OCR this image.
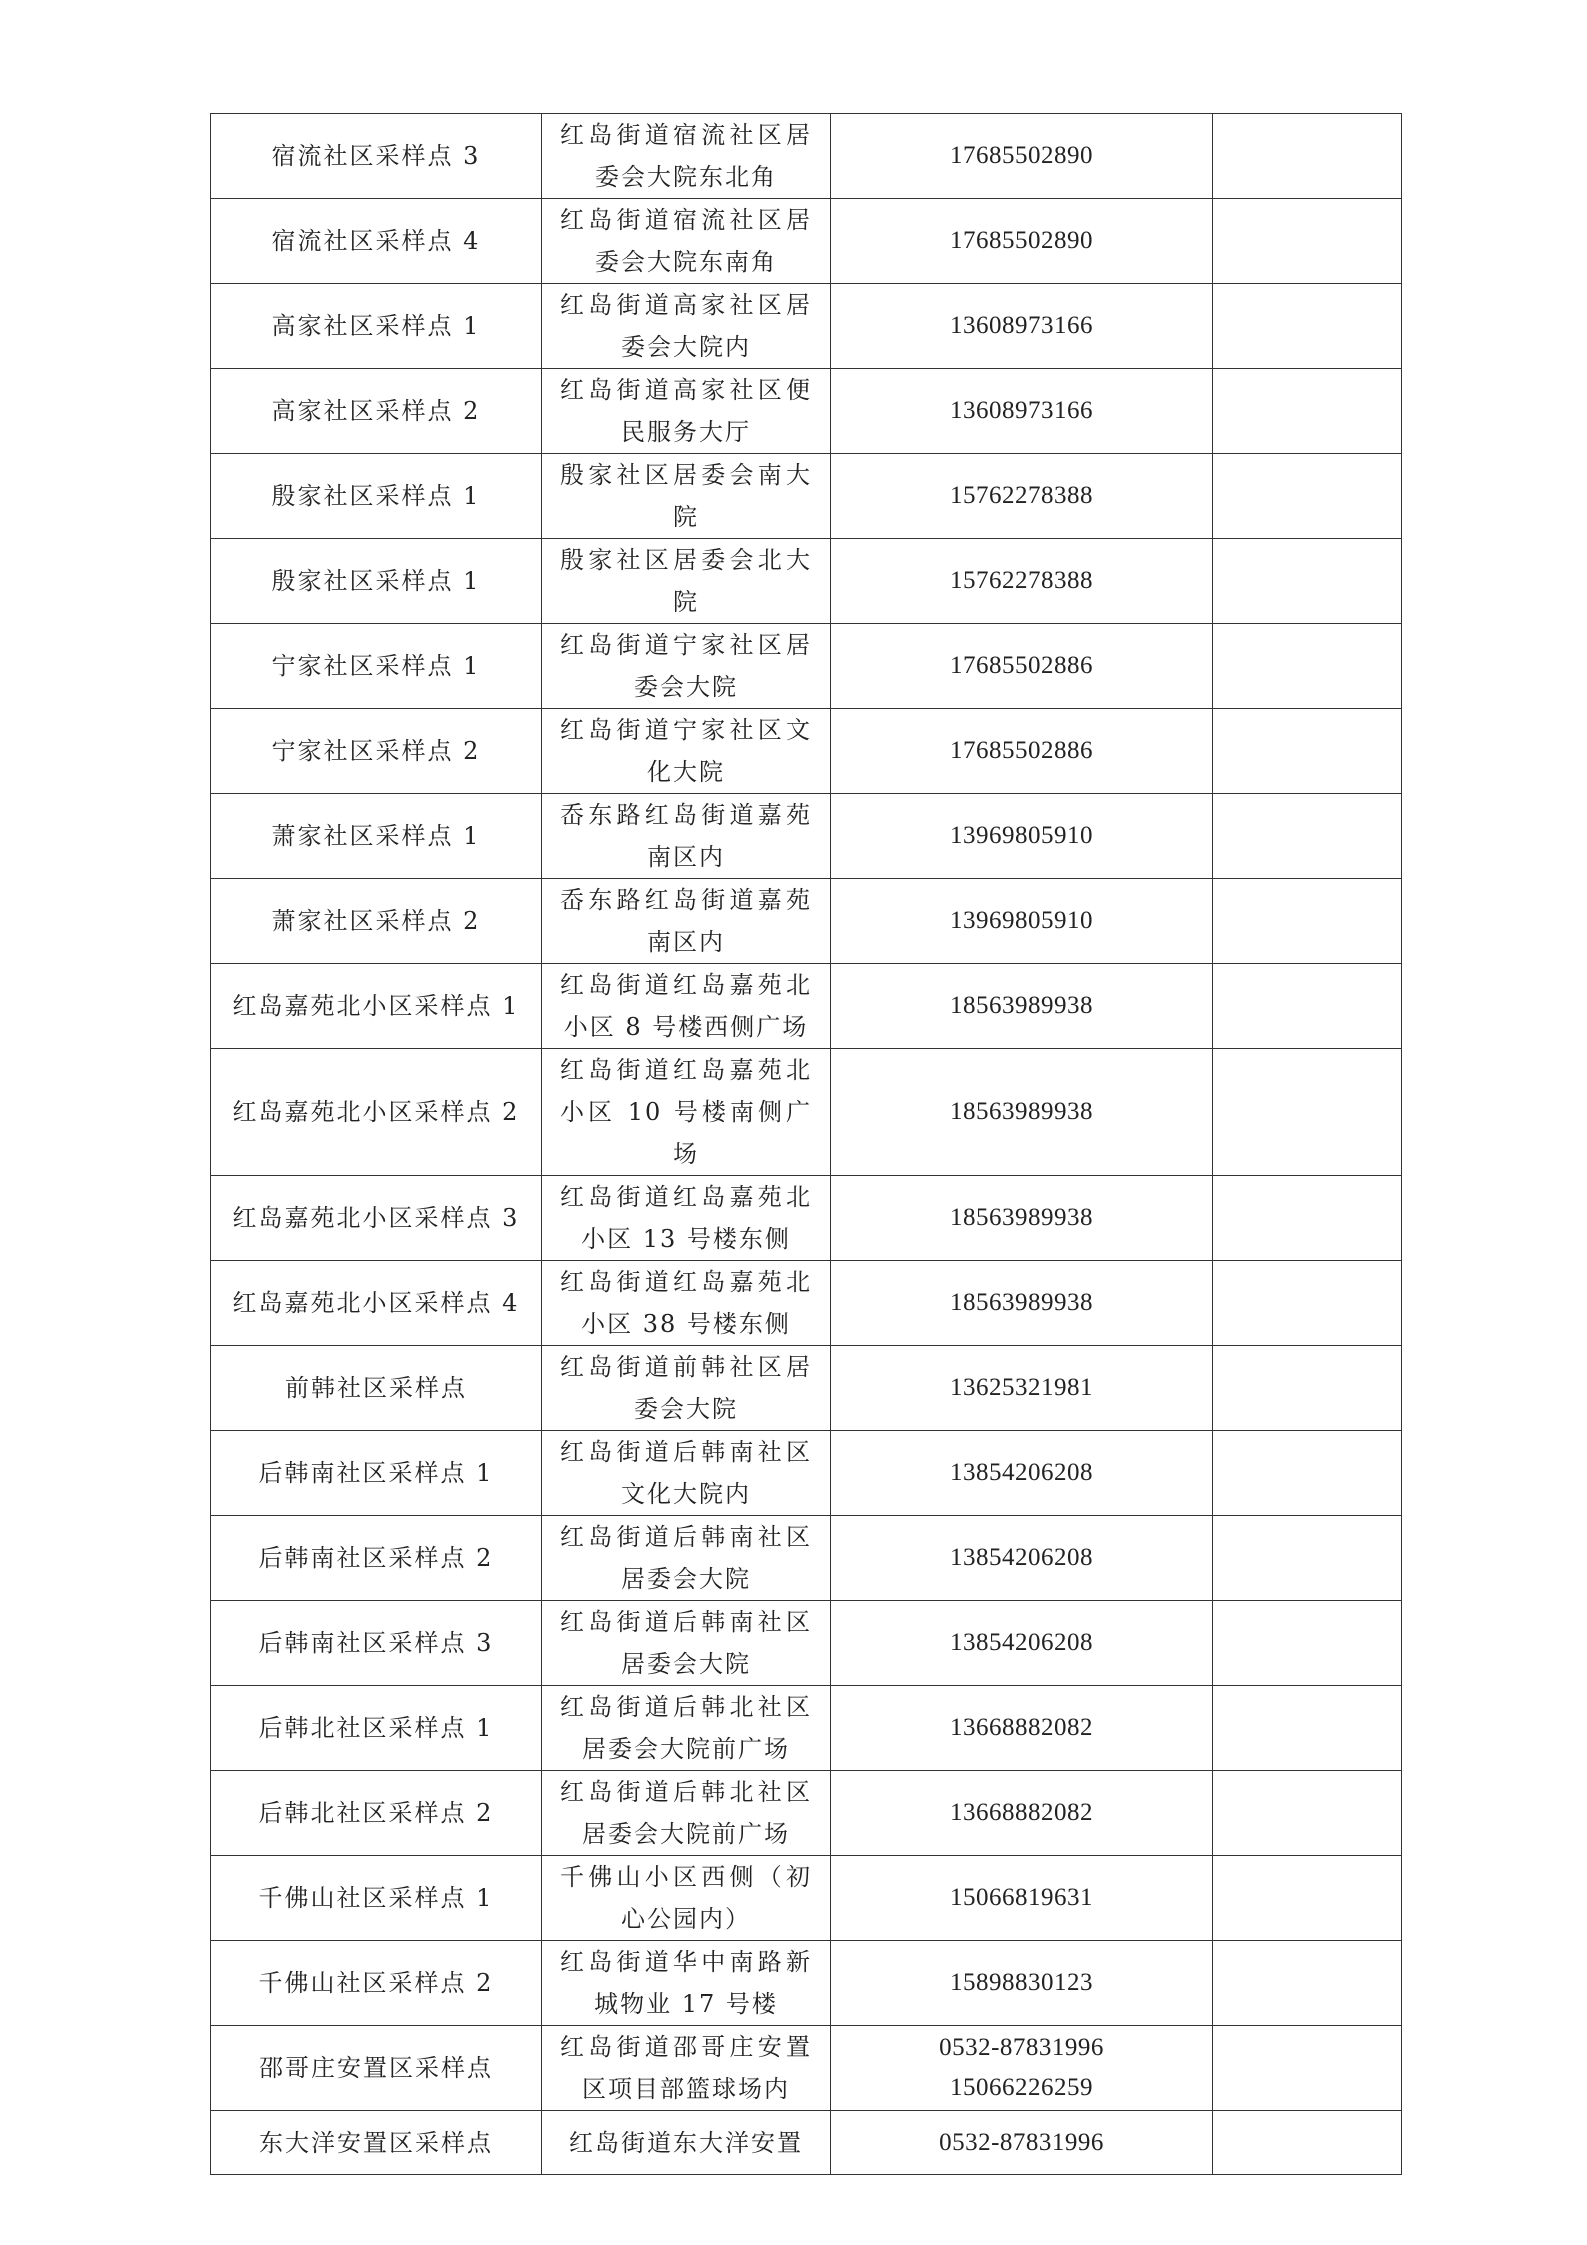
宿流社区采样点 3	红岛街道宿流社区居委会大院东北角	17685502890	

宿流社区采样点 4	红岛街道宿流社区居委会大院东南角	17685502890	

高家社区采样点 1	红岛街道高家社区居委会大院内	13608973166	

高家社区采样点 2	红岛街道高家社区便民服务大厅	13608973166	

殷家社区采样点 1	殷家社区居委会南大院	15762278388	

殷家社区采样点 1	殷家社区居委会北大院	15762278388	

宁家社区采样点 1	红岛街道宁家社区居委会大院	17685502886	

宁家社区采样点 2	红岛街道宁家社区文化大院	17685502886	

萧家社区采样点 1	岙东路红岛街道嘉苑南区内	13969805910	

萧家社区采样点 2	岙东路红岛街道嘉苑南区内	13969805910	

红岛嘉苑北小区采样点 1	红岛街道红岛嘉苑北小区 8 号楼西侧广场	18563989938	

红岛嘉苑北小区采样点 2	红岛街道红岛嘉苑北小区 10 号楼南侧广场	18563989938	

红岛嘉苑北小区采样点 3	红岛街道红岛嘉苑北小区 13 号楼东侧	18563989938	

红岛嘉苑北小区采样点 4	红岛街道红岛嘉苑北小区 38 号楼东侧	18563989938	

前韩社区采样点	红岛街道前韩社区居委会大院	13625321981	

后韩南社区采样点 1	红岛街道后韩南社区文化大院内	13854206208	

后韩南社区采样点 2	红岛街道后韩南社区居委会大院	13854206208	

后韩南社区采样点 3	红岛街道后韩南社区居委会大院	13854206208	

后韩北社区采样点 1	红岛街道后韩北社区居委会大院前广场	13668882082	

后韩北社区采样点 2	红岛街道后韩北社区居委会大院前广场	13668882082	

千佛山社区采样点 1	千佛山小区西侧（初心公园内）	15066819631	

千佛山社区采样点 2	红岛街道华中南路新城物业 17 号楼	15898830123	

邵哥庄安置区采样点	红岛街道邵哥庄安置区项目部篮球场内	0532-87831996
15066226259	

东大洋安置区采样点	红岛街道东大洋安置	0532-87831996	
